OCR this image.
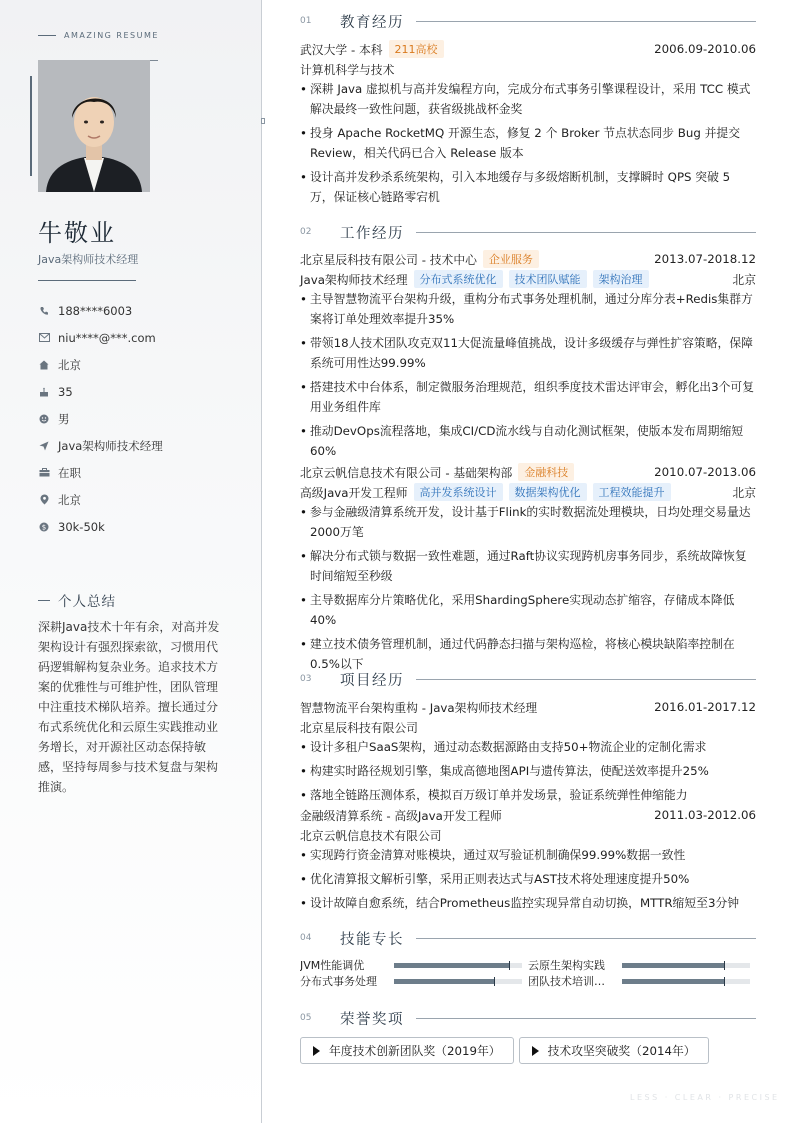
AMAZING RESUME
牛敬业
Java架构师技术经理
188****6003
niu****@***.com
北京
35
男
Java架构师技术经理
在职
北京
$ 30k-50k
个人总结
深耕Java技术十年有余，对高并发架构设计有强烈探索欲，习惯用代码逻辑解构复杂业务。追求技术方案的优雅性与可维护性，团队管理中注重技术梯队培养。擅长通过分布式系统优化和云原生实践推动业务增长，对开源社区动态保持敏感，坚持每周参与技术复盘与架构推演。
01	教育经历
武汉大学 - 本科	211高校	2006.09-2010.06
计算机科学与技术
• 深耕 Java 虚拟机与高并发编程方向，完成分布式事务引擎课程设计，采用 TCC 模式解决最终一致性问题，获省级挑战杯金奖
• 投身 Apache RocketMQ 开源生态，修复 2 个 Broker 节点状态同步 Bug 并提交 Review，相关代码已合入 Release 版本
• 设计高并发秒杀系统架构，引入本地缓存与多级熔断机制，支撑瞬时 QPS 突破 5 万，保证核心链路零宕机
02	工作经历
北京星辰科技有限公司 - 技术中心	企业服务	2013.07-2018.12
Java架构师技术经理	分布式系统优化	技术团队赋能	架构治理	北京
• 主导智慧物流平台架构升级，重构分布式事务处理机制，通过分库分表+Redis集群方案将订单处理效率提升35%
• 带领18人技术团队攻克双11大促流量峰值挑战，设计多级缓存与弹性扩容策略，保障系统可用性达99.99%
• 搭建技术中台体系，制定微服务治理规范，组织季度技术雷达评审会，孵化出3个可复用业务组件库
• 推动DevOps流程落地，集成CI/CD流水线与自动化测试框架，使版本发布周期缩短60%
北京云帆信息技术有限公司 - 基础架构部	金融科技	2010.07-2013.06
高级Java开发工程师	高并发系统设计	数据架构优化	工程效能提升	北京
• 参与金融级清算系统开发，设计基于Flink的实时数据流处理模块，日均处理交易量达2000万笔
• 解决分布式锁与数据一致性难题，通过Raft协议实现跨机房事务同步，系统故障恢复时间缩短至秒级
• 主导数据库分片策略优化，采用ShardingSphere实现动态扩缩容，存储成本降低40%
• 建立技术债务管理机制，通过代码静态扫描与架构巡检，将核心模块缺陷率控制在0.5%以下
03	项目经历
智慧物流平台架构重构 - Java架构师技术经理	2016.01-2017.12
北京星辰科技有限公司
• 设计多租户SaaS架构，通过动态数据源路由支持50+物流企业的定制化需求
• 构建实时路径规划引擎，集成高德地图API与遗传算法，使配送效率提升25%
• 落地全链路压测体系，模拟百万级订单并发场景，验证系统弹性伸缩能力
金融级清算系统 - 高级Java开发工程师	2011.03-2012.06
北京云帆信息技术有限公司
• 实现跨行资金清算对账模块，通过双写验证机制确保99.99%数据一致性
• 优化清算报文解析引擎，采用正则表达式与AST技术将处理速度提升50%
• 设计故障自愈系统，结合Prometheus监控实现异常自动切换，MTTR缩短至3分钟
04	技能专长
JVM性能调优	云原生架构实践
分布式事务处理	团队技术培训…
05	荣誉奖项
年度技术创新团队奖（2019年）	技术攻坚突破奖（2014年）
LESS · CLEAR · PRECISE
